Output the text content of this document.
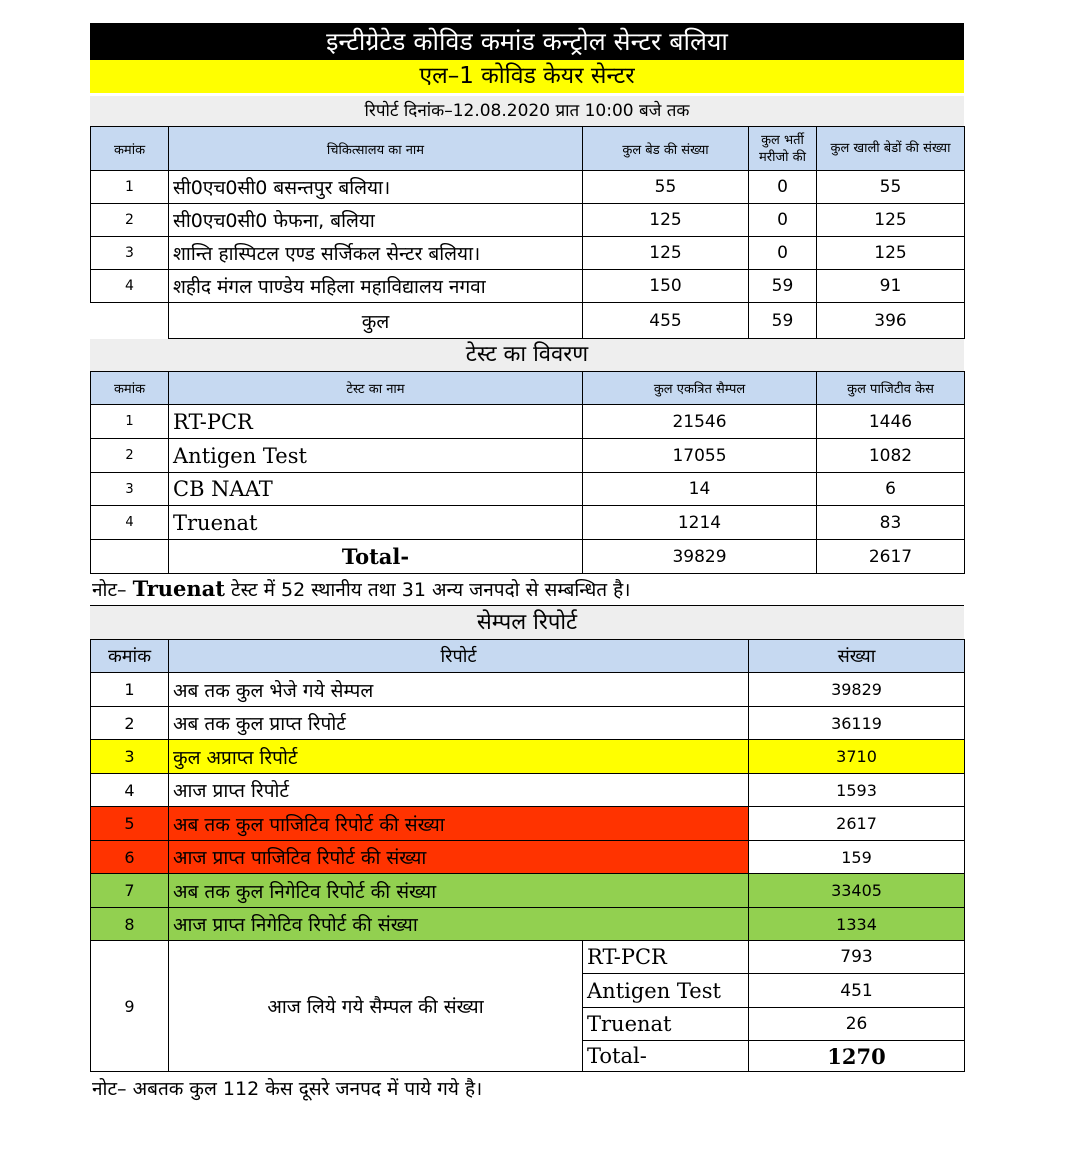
इन्टीग्रेटेड कोविड कमांड कन्ट्रोल सेन्टर बलिया
एल–1 कोविड केयर सेन्टर
रिपोर्ट दिनांक–12.08.2020 प्रात 10:00 बजे तक
कमांक	चिकित्सालय का नाम	कुल बेड की संख्या	कुल भर्ती मरीजो की	कुल खाली बेडों की संख्या
1	सी0एच0सी0 बसन्तपुर बलिया।	55	0	55
2	सी0एच0सी0 फेफना, बलिया	125	0	125
3	शान्ति हास्पिटल एण्ड सर्जिकल सेन्टर बलिया।	125	0	125
4	शहीद मंगल पाण्डेय महिला महाविद्यालय नगवा	150	59	91
	कुल	455	59	396
टेस्ट का विवरण
कमांक	टेस्ट का नाम	कुल एकत्रित सैम्पल	कुल पाजिटीव केस
1	RT-PCR	21546	1446
2	Antigen Test	17055	1082
3	CB NAAT	14	6
4	Truenat	1214	83
	Total-	39829	2617
नोट– Truenat टेस्ट में 52 स्थानीय तथा 31 अन्य जनपदो से सम्बन्धित है।
सेम्पल रिपोर्ट
कमांक	रिपोर्ट		संख्या
1	अब तक कुल भेजे गये सेम्पल		39829
2	अब तक कुल प्राप्त रिपोर्ट		36119
3	कुल अप्राप्त रिपोर्ट		3710
4	आज प्राप्त रिपोर्ट		1593
5	अब तक कुल पाजिटिव रिपोर्ट की संख्या		2617
6	आज प्राप्त पाजिटिव रिपोर्ट की संख्या		159
7	अब तक कुल निगेटिव रिपोर्ट की संख्या		33405
8	आज प्राप्त निगेटिव रिपोर्ट की संख्या		1334
9	आज लिये गये सैम्पल की संख्या	RT-PCR	793
		Antigen Test	451
		Truenat	26
		Total-	1270
नोट– अबतक कुल 112 केस दूसरे जनपद में पाये गये है।
